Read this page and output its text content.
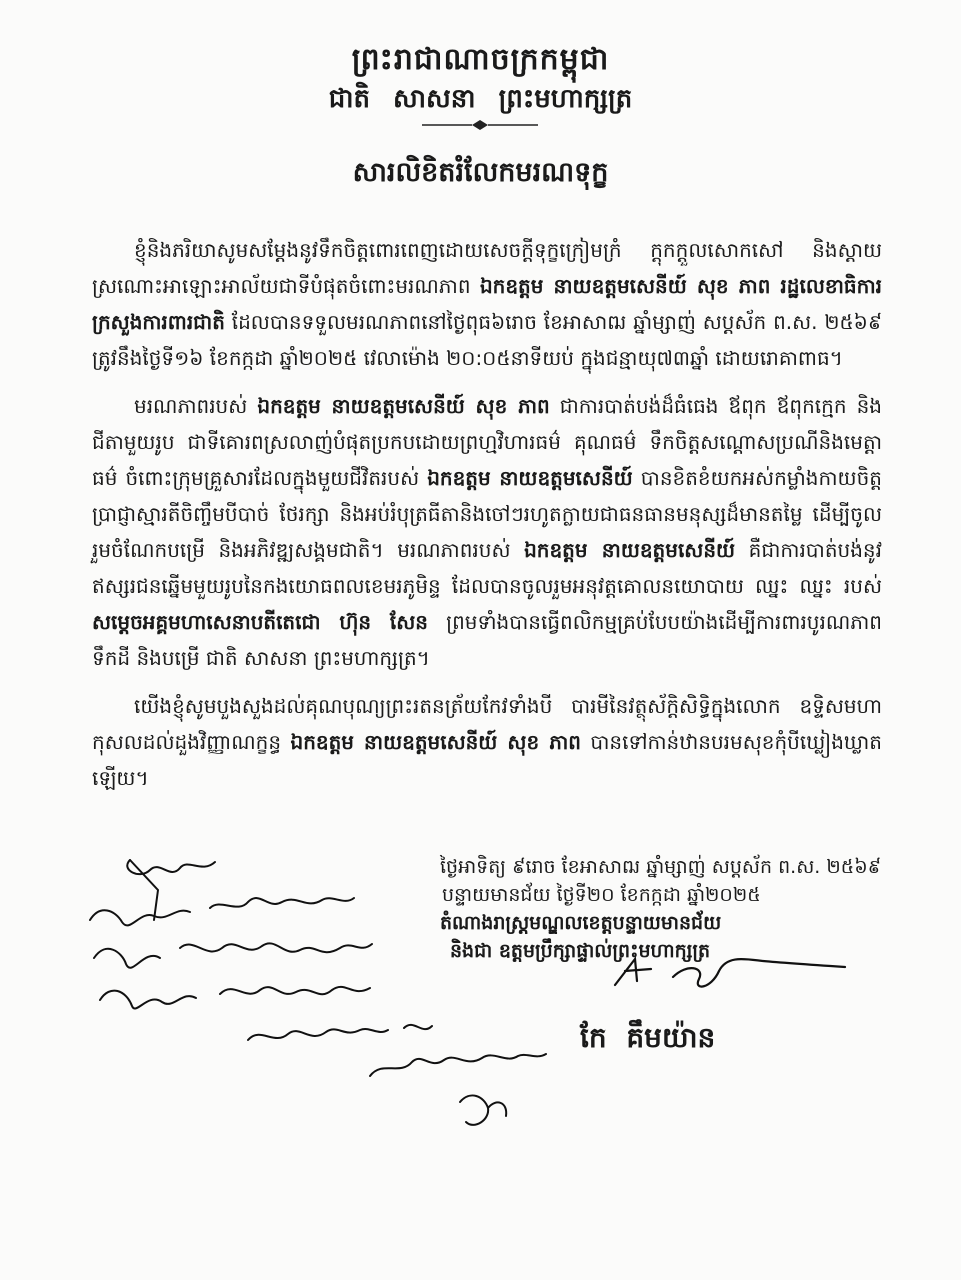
ព្រះរាជាណាចក្រកម្ពុជា
ជាតិ សាសនា ព្រះមហាក្សត្រ
សារលិខិតរំលែកមរណទុក្ខ

ខ្ញុំនិងភរិយាសូមសម្តែងនូវទឹកចិត្តពោរពេញដោយសេចក្តីទុក្ខក្រៀមក្រំ ក្តុកក្តួលសោកសៅ និងស្តាយស្រណោះអាឡោះអាល័យជាទីបំផុតចំពោះមរណភាព ឯកឧត្តម នាយឧត្តមសេនីយ៍ សុខ ភាព រដ្ឋលេខាធិការ ក្រសួងការពារជាតិ ដែលបានទទួលមរណភាពនៅថ្ងៃពុធ៦រោច ខែអាសាឍ ឆ្នាំម្សាញ់ សប្តស័ក ព.ស. ២៥៦៩ ត្រូវនឹងថ្ងៃទី១៦ ខែកក្កដា ឆ្នាំ២០២៥ វេលាម៉ោង ២០:០៥នាទីយប់ ក្នុងជន្មាយុ៧៣ឆ្នាំ ដោយរោគាពាធ។

មរណភាពរបស់ ឯកឧត្តម នាយឧត្តមសេនីយ៍ សុខ ភាព ជាការបាត់បង់ដ៏ធំធេង ឪពុក ឪពុកក្មេក និងជីតាមួយរូប ជាទីគោរពស្រលាញ់បំផុតប្រកបដោយព្រហ្មវិហារធម៌ គុណធម៌ ទឹកចិត្តសណ្តោសប្រណីនិងមេត្តាធម៌ ចំពោះក្រុមគ្រួសារដែលក្នុងមួយជីវិតរបស់ ឯកឧត្តម នាយឧត្តមសេនីយ៍ បានខិតខំយកអស់កម្លាំងកាយចិត្ត ប្រាជ្ញាស្មារតីចិញ្ចឹមបីបាច់ ថែរក្សា និងអប់រំបុត្រធីតានិងចៅៗរហូតក្លាយជាធនធានមនុស្សដ៏មានតម្លៃ ដើម្បីចូលរួមចំណែកបម្រើ និងអភិវឌ្ឍសង្គមជាតិ។ មរណភាពរបស់ ឯកឧត្តម នាយឧត្តមសេនីយ៍ គឺជាការបាត់បង់នូវឥស្សរជនឆ្នើមមួយរូបនៃកងយោធពលខេមរភូមិន្ទ ដែលបានចូលរួមអនុវត្តគោលនយោបាយ ឈ្នះ ឈ្នះ របស់ សម្តេចអគ្គមហាសេនាបតីតេជោ ហ៊ុន សែន ព្រមទាំងបានធ្វើពលិកម្មគ្រប់បែបយ៉ាងដើម្បីការពារបូរណភាពទឹកដី និងបម្រើ ជាតិ សាសនា ព្រះមហាក្សត្រ។

យើងខ្ញុំសូមបួងសួងដល់គុណបុណ្យព្រះរតនត្រ័យកែវទាំងបី បារមីនៃវត្ថុស័ក្តិសិទ្ធិក្នុងលោក ឧទ្ទិសមហាកុសលដល់ដួងវិញ្ញាណក្ខន្ធ ឯកឧត្តម នាយឧត្តមសេនីយ៍ សុខ ភាព បានទៅកាន់ឋានបរមសុខកុំបីឃ្លៀងឃ្លាតឡើយ។

ថ្ងៃអាទិត្យ ៩រោច ខែអាសាឍ ឆ្នាំម្សាញ់ សប្តស័ក ព.ស. ២៥៦៩
បន្ទាយមានជ័យ ថ្ងៃទី២០ ខែកក្កដា ឆ្នាំ២០២៥
តំណាងរាស្ត្រមណ្ឌលខេត្តបន្ទាយមានជ័យ
និងជា ឧត្តមប្រឹក្សាផ្ទាល់ព្រះមហាក្សត្រ
កែ គឹមយ៉ាន
